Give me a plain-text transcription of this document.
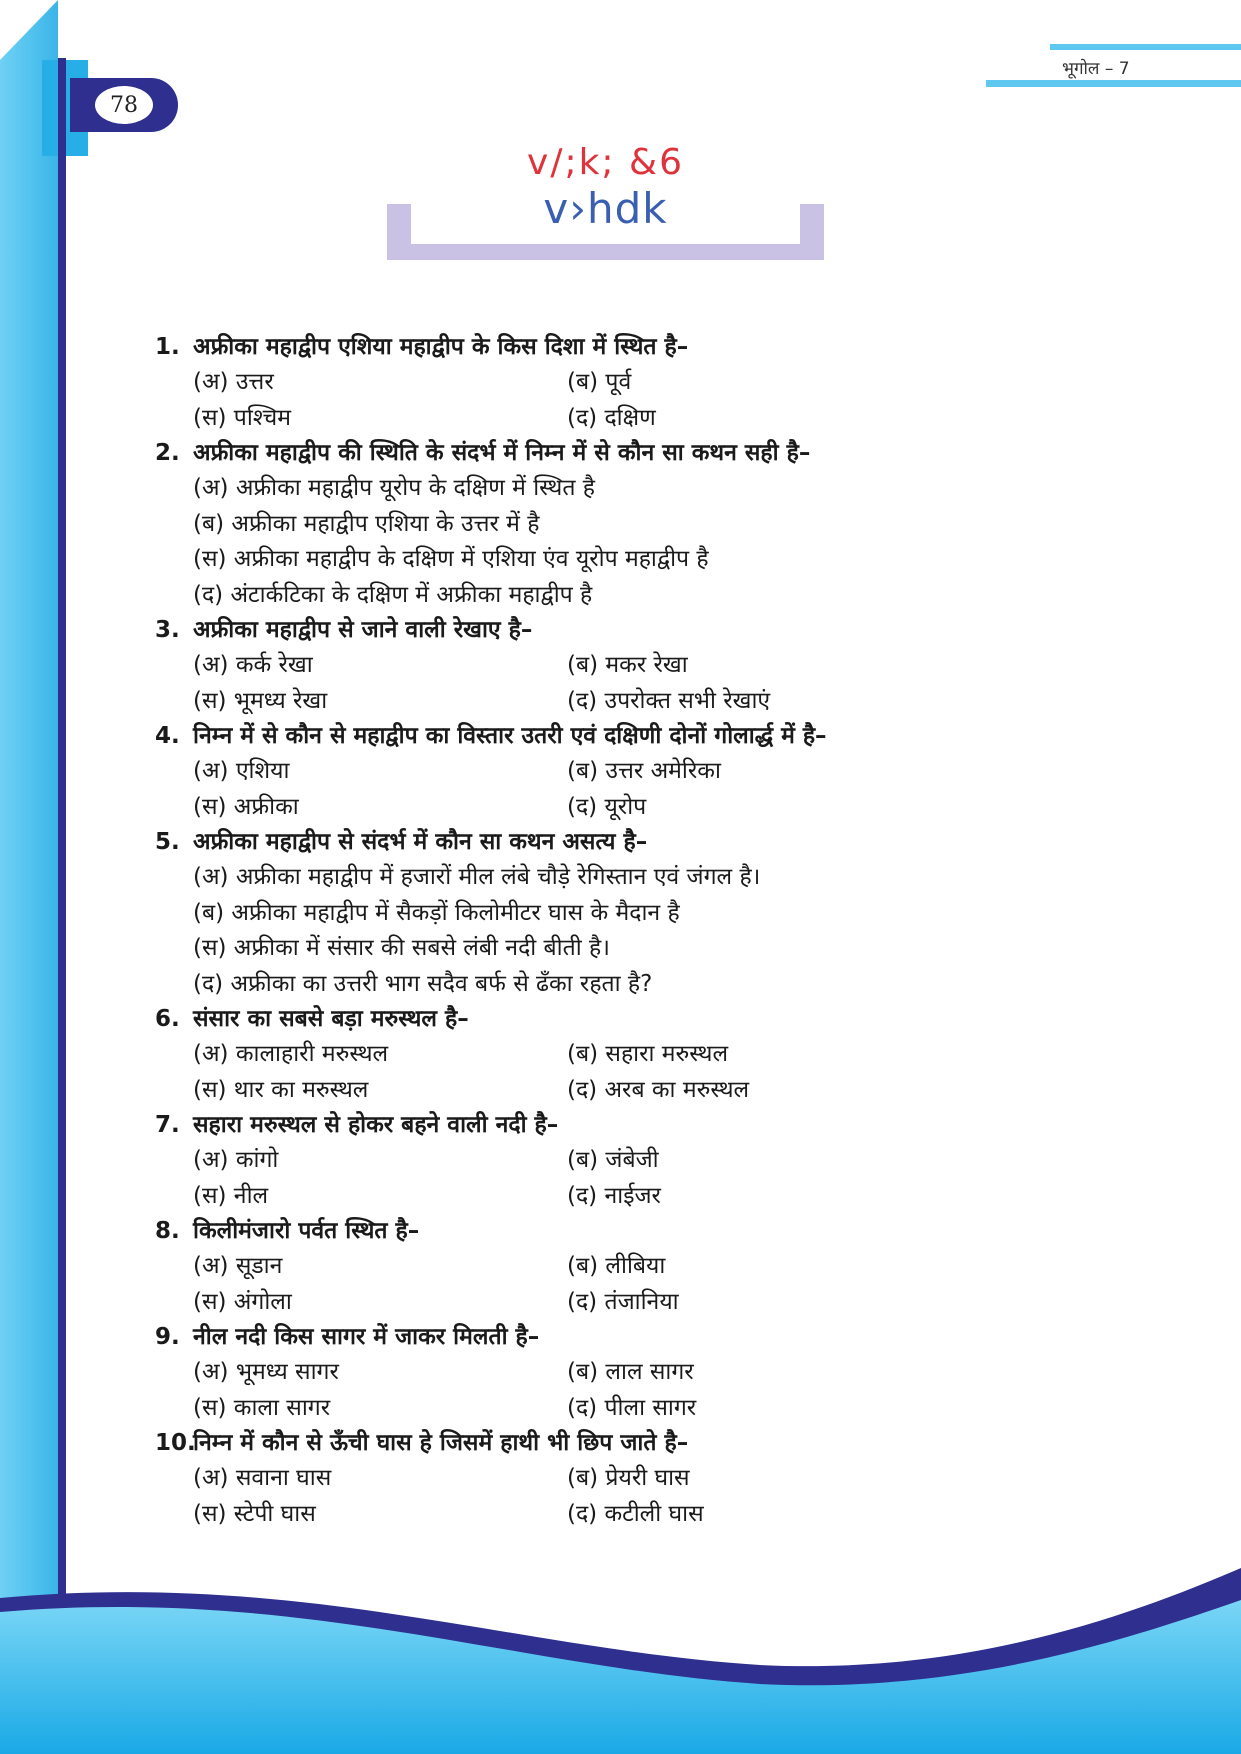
78
भूगोल – 7
v/;k; &6
v›hdk
1. अफ्रीका महाद्वीप एशिया महाद्वीप के किस दिशा में स्थित है–
(अ) उत्तर	(ब) पूर्व
(स) पश्चिम	(द) दक्षिण
2. अफ्रीका महाद्वीप की स्थिति के संदर्भ में निम्न में से कौन सा कथन सही है–
(अ) अफ्रीका महाद्वीप यूरोप के दक्षिण में स्थित है
(ब) अफ्रीका महाद्वीप एशिया के उत्तर में है
(स) अफ्रीका महाद्वीप के दक्षिण में एशिया एंव यूरोप महाद्वीप है
(द) अंटार्कटिका के दक्षिण में अफ्रीका महाद्वीप है
3. अफ्रीका महाद्वीप से जाने वाली रेखाए है–
(अ) कर्क रेखा	(ब) मकर रेखा
(स) भूमध्य रेखा	(द) उपरोक्त सभी रेखाएं
4. निम्न में से कौन से महाद्वीप का विस्तार उतरी एवं दक्षिणी दोनों गोलार्द्ध में है–
(अ) एशिया	(ब) उत्तर अमेरिका
(स) अफ्रीका	(द) यूरोप
5. अफ्रीका महाद्वीप से संदर्भ में कौन सा कथन असत्य है–
(अ) अफ्रीका महाद्वीप में हजारों मील लंबे चौड़े रेगिस्तान एवं जंगल है।
(ब) अफ्रीका महाद्वीप में सैकड़ों किलोमीटर घास के मैदान है
(स) अफ्रीका में संसार की सबसे लंबी नदी बीती है।
(द) अफ्रीका का उत्तरी भाग सदैव बर्फ से ढँका रहता है?
6. संसार का सबसे बड़ा मरुस्थल है–
(अ) कालाहारी मरुस्थल	(ब) सहारा मरुस्थल
(स) थार का मरुस्थल	(द) अरब का मरुस्थल
7. सहारा मरुस्थल से होकर बहने वाली नदी है–
(अ) कांगो	(ब) जंबेजी
(स) नील	(द) नाईजर
8. किलीमंजारो पर्वत स्थित है–
(अ) सूडान	(ब) लीबिया
(स) अंगोला	(द) तंजानिया
9. नील नदी किस सागर में जाकर मिलती है–
(अ) भूमध्य सागर	(ब) लाल सागर
(स) काला सागर	(द) पीला सागर
10.
निम्न में कौन से ऊँची घास हे जिसमें हाथी भी छिप जाते है–
(अ) सवाना घास	(ब) प्रेयरी घास
(स) स्टेपी घास	(द) कटीली घास
